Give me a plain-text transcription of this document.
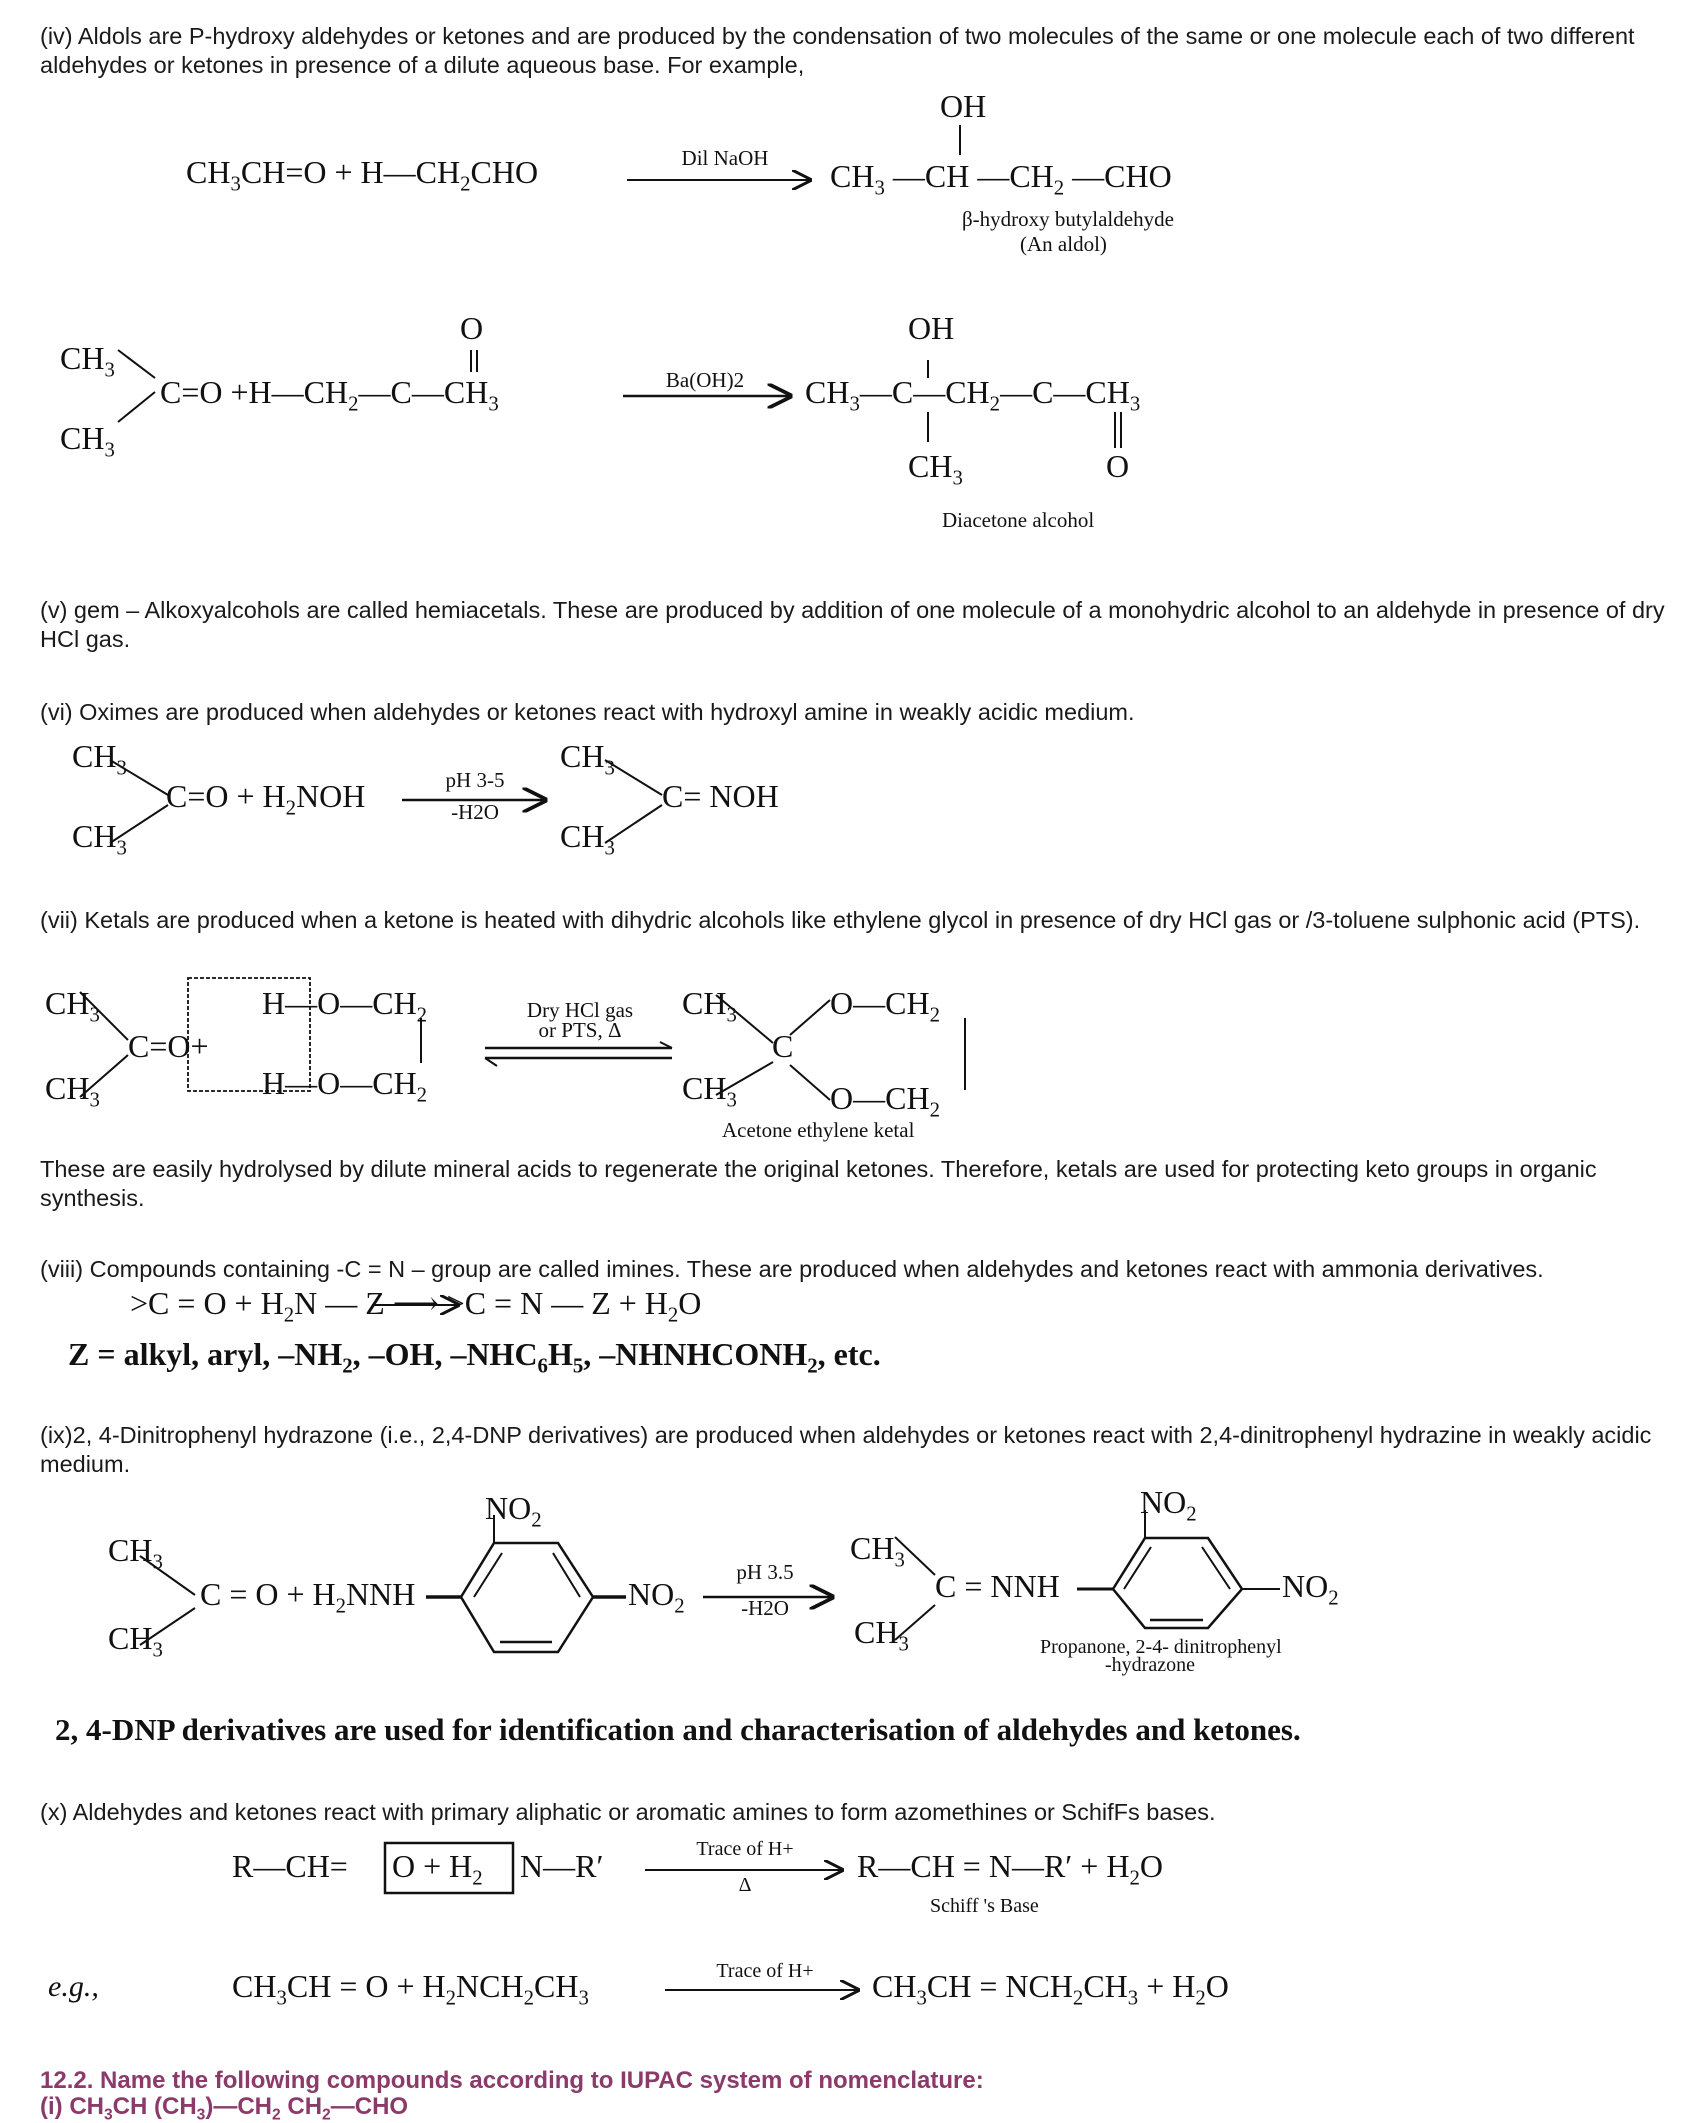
(iv) Aldols are P-hydroxy aldehydes or ketones and are produced by the condensation of two molecules of the same or one molecule each of two different aldehydes or ketones in presence of a dilute aqueous base. For example,
$CH_3CH=O$ + $H—CH_2CHO$	Dil NaOH
OH
$CH_3$ —CH $—CH_2$ —CHO
β-hydroxy butylaldehyde
(An aldol)
$CH_3$
$CH_3$
O
$C=O +H—CH_2—C—CH_3$
Ba(OH)2
OH
$CH_3—C—CH_2—C—CH_3$
$CH_3$	O
Diacetone alcohol
(v) gem – Alkoxyalcohols are called hemiacetals. These are produced by addition of one molecule of a monohydric alcohol to an aldehyde in presence of dry HCl gas.
(vi) Oximes are produced when aldehydes or ketones react with hydroxyl amine in weakly acidic medium.
$CH_3$
$CH_3$
$C=O + H_2NOH$	pH 3-5
-H2O
$CH_3$
$CH_3$
C= NOH
(vii) Ketals are produced when a ketone is heated with dihydric alcohols like ethylene glycol in presence of dry HCl gas or /3-toluene sulphonic acid (PTS).
$CH_3$
$CH_3$
C=O+
$H—O—CH_2$
$H—O—CH_2$
Dry HCl gas
or PTS, Δ
$CH_3$
$CH_3$
C
$O—CH_2$
$O—CH_2$
Acetone ethylene ketal
These are easily hydrolysed by dilute mineral acids to regenerate the original ketones. Therefore, ketals are used for protecting keto groups in organic synthesis.
(viii) Compounds containing -C = N – group are called imines. These are produced when aldehydes and ketones react with ammonia derivatives.
$>C = O + H_2N$ — Z ⟶ >C = N — $Z + H_2O$
Z = alkyl, aryl, $-NH_2$, –OH, $-NHC_6H_5$, $-NHNHCONH_2$, etc.
(ix)2, 4-Dinitrophenyl hydrazone (i.e., 2,4-DNP derivatives) are produced when aldehydes or ketones react with 2,4-dinitrophenyl hydrazine in weakly acidic medium.
$CH_3$
$CH_3$
$C = O + H_2NNH$
$NO_2$
$NO_2$
pH 3.5
-H2O
$CH_3$
$CH_3$
C = NNH
$NO_2$
$NO_2$
Propanone, 2-4- dinitrophenyl
-hydrazone
2, 4-DNP derivatives are used for identification and characterisation of aldehydes and ketones.
(x) Aldehydes and ketones react with primary aliphatic or aromatic amines to form azomethines or SchifFs bases.
R—CH= $O + H_2$ N—R′	Trace of H+
Δ
R—CH = N—R′ + $H_2O$
Schiff 's Base
e.g.,	$CH_3CH = O + H_2NCH_2CH_3$
Trace of H+	$CH_3CH = NCH_2CH_3 + H_2O$
12.2. Name the following compounds according to IUPAC system of nomenclature:
(i) $CH_3CH$ $(CH_3)—CH_2$ $CH_2—CHO$
